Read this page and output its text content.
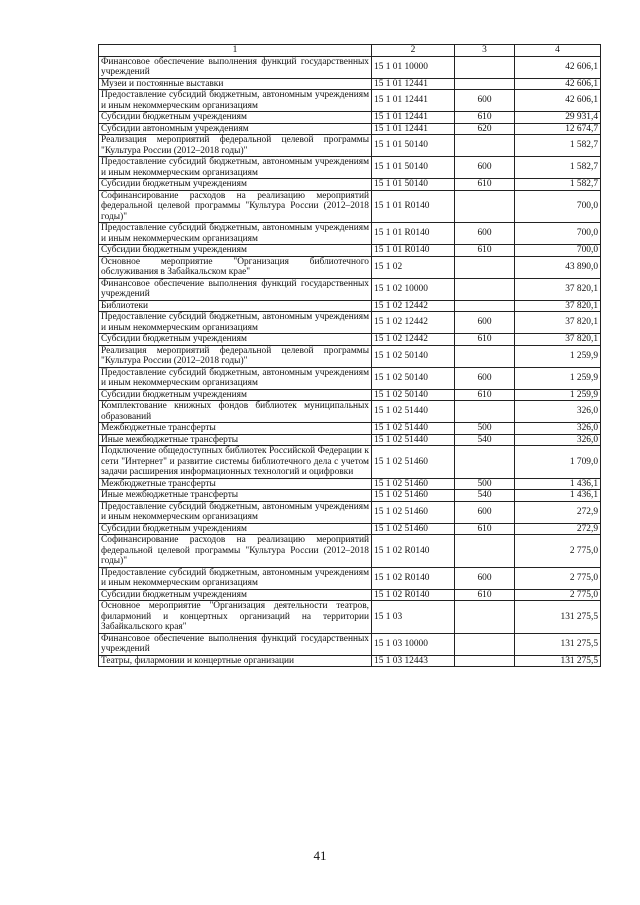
1	2	3	4
Финансовое обеспечение выполнения функций государственных учреждений	15 1 01 10000		42 606,1
Музеи и постоянные выставки	15 1 01 12441		42 606,1
Предоставление субсидий бюджетным, автономным учреждениям и иным некоммерческим организациям	15 1 01 12441	600	42 606,1
Субсидии бюджетным учреждениям	15 1 01 12441	610	29 931,4
Субсидии автономным учреждениям	15 1 01 12441	620	12 674,7
Реализация мероприятий федеральной целевой программы "Культура России (2012–2018 годы)"	15 1 01 50140		1 582,7
Предоставление субсидий бюджетным, автономным учреждениям и иным некоммерческим организациям	15 1 01 50140	600	1 582,7
Субсидии бюджетным учреждениям	15 1 01 50140	610	1 582,7
Софинансирование расходов на реализацию мероприятий федеральной целевой программы "Культура России (2012–2018 годы)"	15 1 01 R0140		700,0
Предоставление субсидий бюджетным, автономным учреждениям и иным некоммерческим организациям	15 1 01 R0140	600	700,0
Субсидии бюджетным учреждениям	15 1 01 R0140	610	700,0
Основное мероприятие "Организация библиотечного обслуживания в Забайкальском крае"	15 1 02		43 890,0
Финансовое обеспечение выполнения функций государственных учреждений	15 1 02 10000		37 820,1
Библиотеки	15 1 02 12442		37 820,1
Предоставление субсидий бюджетным, автономным учреждениям и иным некоммерческим организациям	15 1 02 12442	600	37 820,1
Субсидии бюджетным учреждениям	15 1 02 12442	610	37 820,1
Реализация мероприятий федеральной целевой программы "Культура России (2012–2018 годы)"	15 1 02 50140		1 259,9
Предоставление субсидий бюджетным, автономным учреждениям и иным некоммерческим организациям	15 1 02 50140	600	1 259,9
Субсидии бюджетным учреждениям	15 1 02 50140	610	1 259,9
Комплектование книжных фондов библиотек муниципальных образований	15 1 02 51440		326,0
Межбюджетные трансферты	15 1 02 51440	500	326,0
Иные межбюджетные трансферты	15 1 02 51440	540	326,0
Подключение общедоступных библиотек Российской Федерации к сети "Интернет" и развитие системы библиотечного дела с учетом задачи расширения информационных технологий и оцифровки	15 1 02 51460		1 709,0
Межбюджетные трансферты	15 1 02 51460	500	1 436,1
Иные межбюджетные трансферты	15 1 02 51460	540	1 436,1
Предоставление субсидий бюджетным, автономным учреждениям и иным некоммерческим организациям	15 1 02 51460	600	272,9
Субсидии бюджетным учреждениям	15 1 02 51460	610	272,9
Софинансирование расходов на реализацию мероприятий федеральной целевой программы "Культура России (2012–2018 годы)"	15 1 02 R0140		2 775,0
Предоставление субсидий бюджетным, автономным учреждениям и иным некоммерческим организациям	15 1 02 R0140	600	2 775,0
Субсидии бюджетным учреждениям	15 1 02 R0140	610	2 775,0
Основное мероприятие "Организация деятельности театров, филармоний и концертных организаций на территории Забайкальского края"	15 1 03		131 275,5
Финансовое обеспечение выполнения функций государственных учреждений	15 1 03 10000		131 275,5
Театры, филармонии и концертные организации	15 1 03 12443		131 275,5
41
